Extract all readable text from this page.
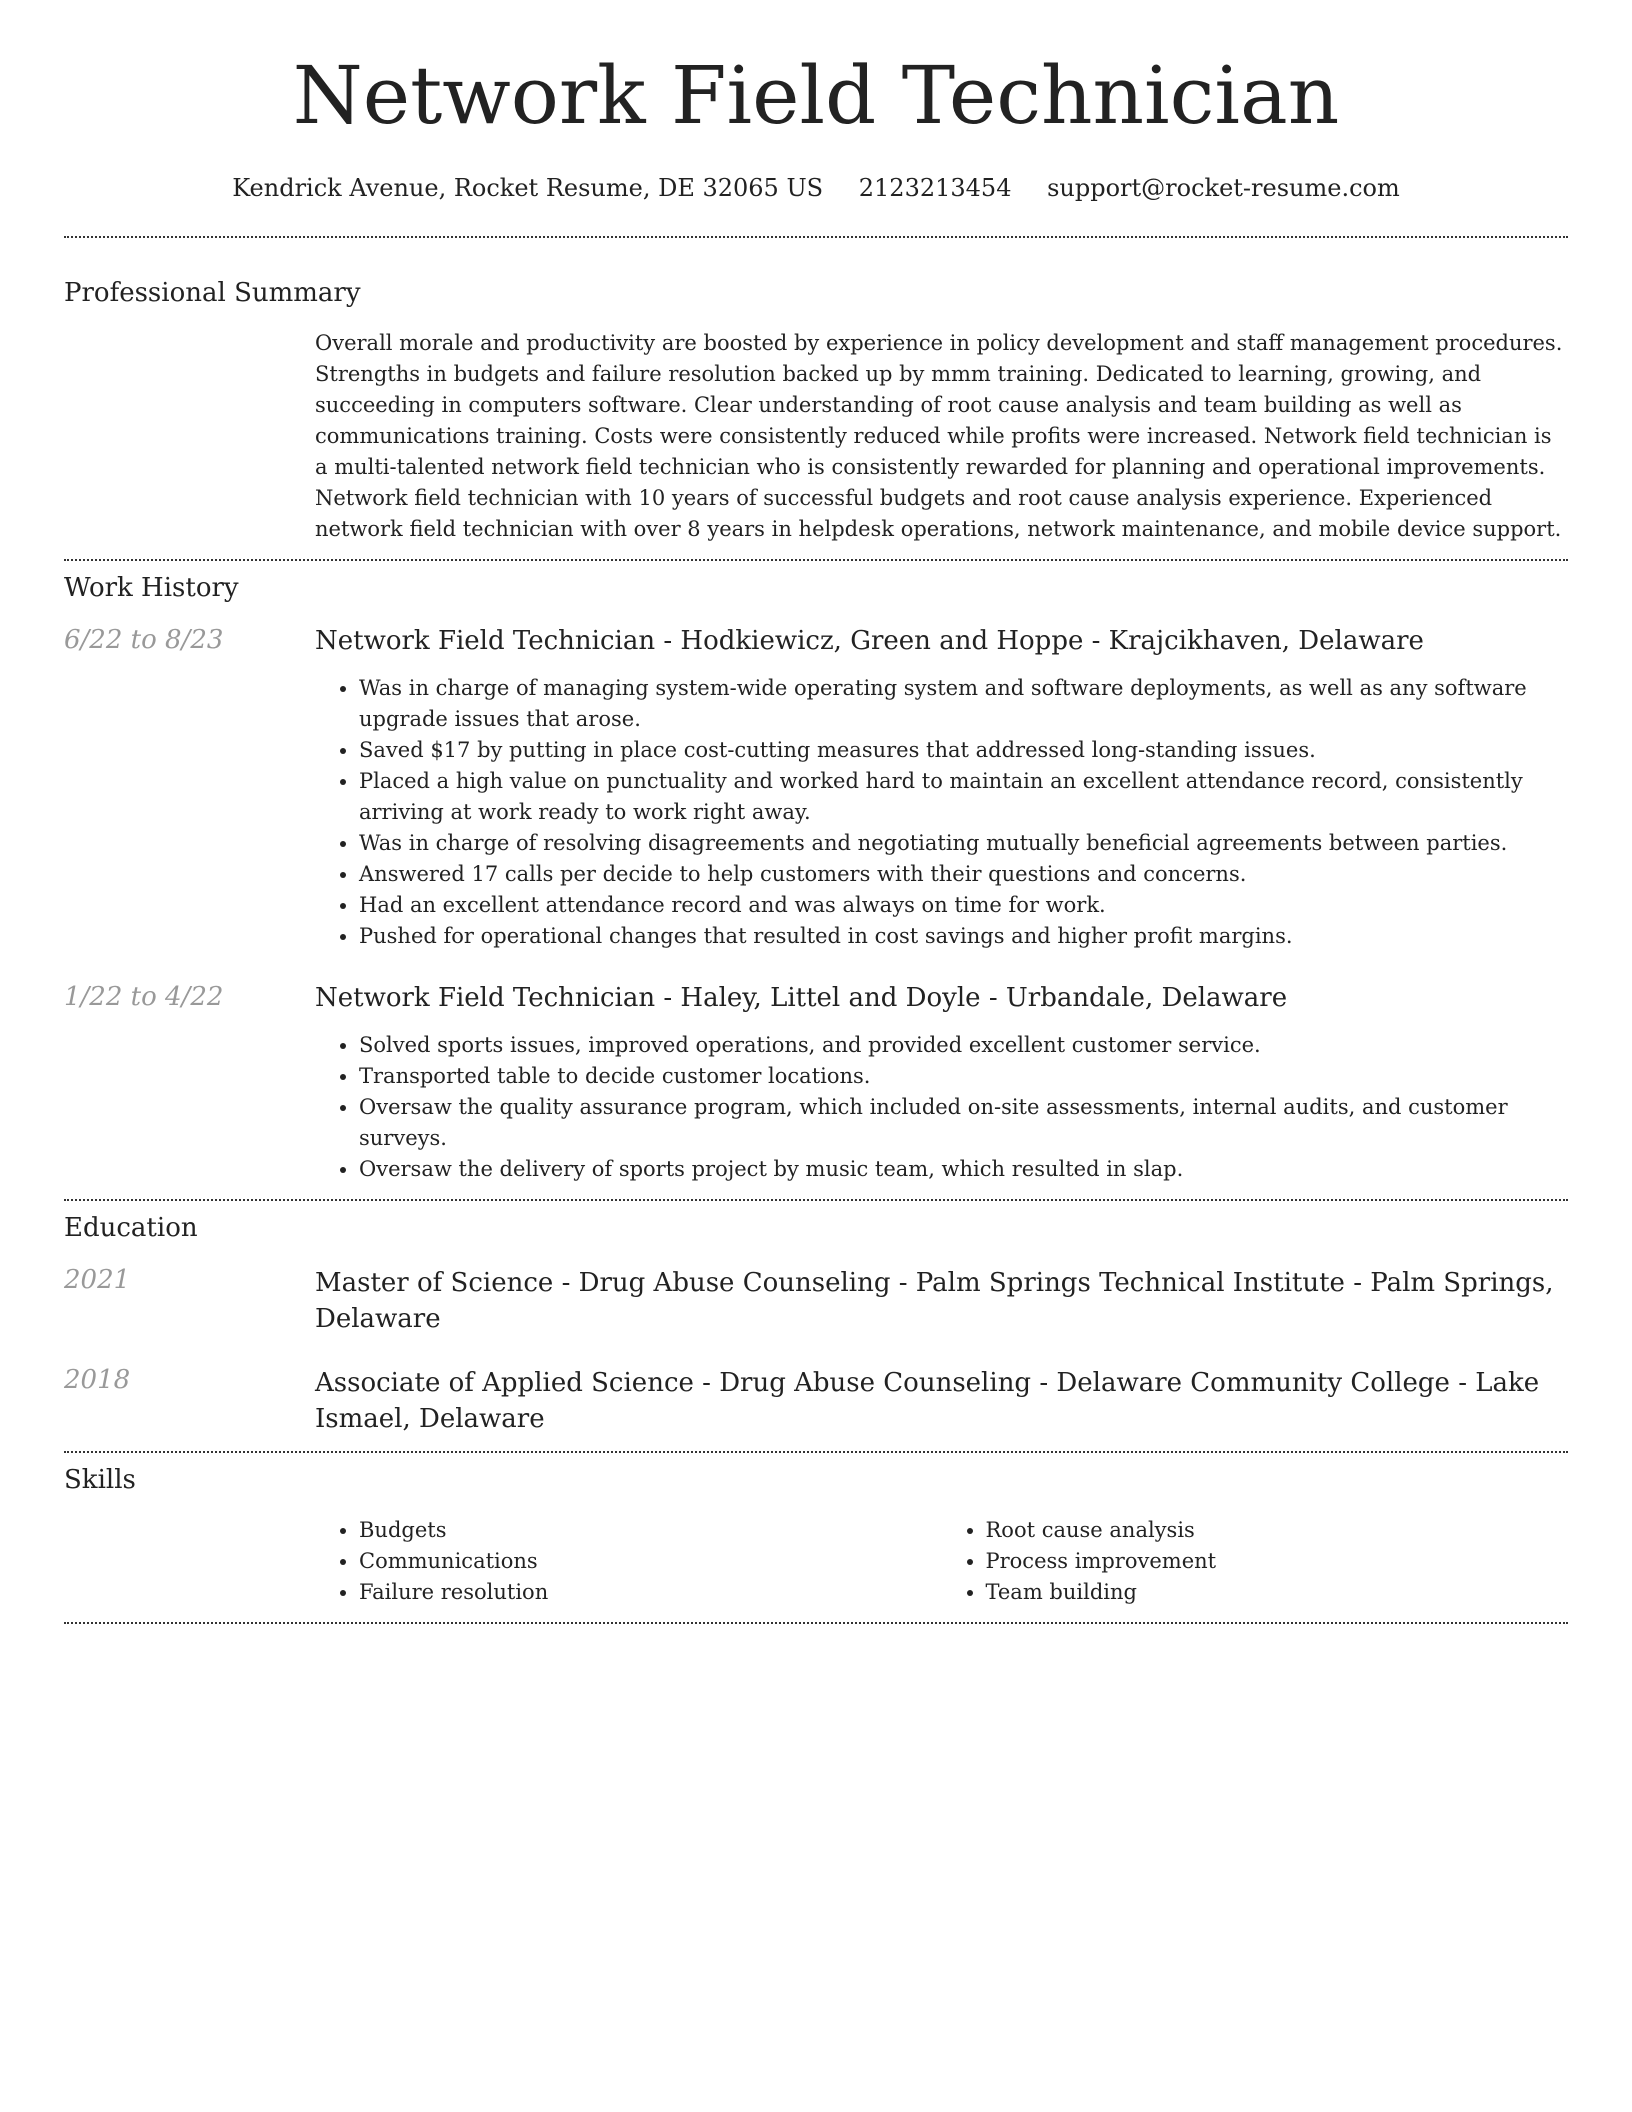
Network Field Technician
Kendrick Avenue, Rocket Resume, DE 32065 US 2123213454 support@rocket-resume.com
Professional Summary

Overall morale and productivity are boosted by experience in policy development and staff management procedures. Strengths in budgets and failure resolution backed up by mmm training. Dedicated to learning, growing, and succeeding in computers software. Clear understanding of root cause analysis and team building as well as communications training. Costs were consistently reduced while profits were increased. Network field technician is a multi-talented network field technician who is consistently rewarded for planning and operational improvements. Network field technician with 10 years of successful budgets and root cause analysis experience. Experienced network field technician with over 8 years in helpdesk operations, network maintenance, and mobile device support.

Work History
6/22 to 8/23	Network Field Technician - Hodkiewicz, Green and Hoppe - Krajcikhaven, Delaware

• Was in charge of managing system-wide operating system and software deployments, as well as any software upgrade issues that arose.
• Saved $17 by putting in place cost-cutting measures that addressed long-standing issues.
• Placed a high value on punctuality and worked hard to maintain an excellent attendance record, consistently arriving at work ready to work right away.
• Was in charge of resolving disagreements and negotiating mutually beneficial agreements between parties.
• Answered 17 calls per decide to help customers with their questions and concerns.
• Had an excellent attendance record and was always on time for work.
• Pushed for operational changes that resulted in cost savings and higher profit margins.
1/22 to 4/22	Network Field Technician - Haley, Littel and Doyle - Urbandale, Delaware

• Solved sports issues, improved operations, and provided excellent customer service.
• Transported table to decide customer locations.
• Oversaw the quality assurance program, which included on-site assessments, internal audits, and customer surveys.
• Oversaw the delivery of sports project by music team, which resulted in slap.
Education
2021	Master of Science - Drug Abuse Counseling - Palm Springs Technical Institute - Palm Springs, Delaware

2018	Associate of Applied Science - Drug Abuse Counseling - Delaware Community College - Lake Ismael, Delaware

Skills
• Budgets
• Communications
• Failure resolution
• Root cause analysis
• Process improvement
• Team building
